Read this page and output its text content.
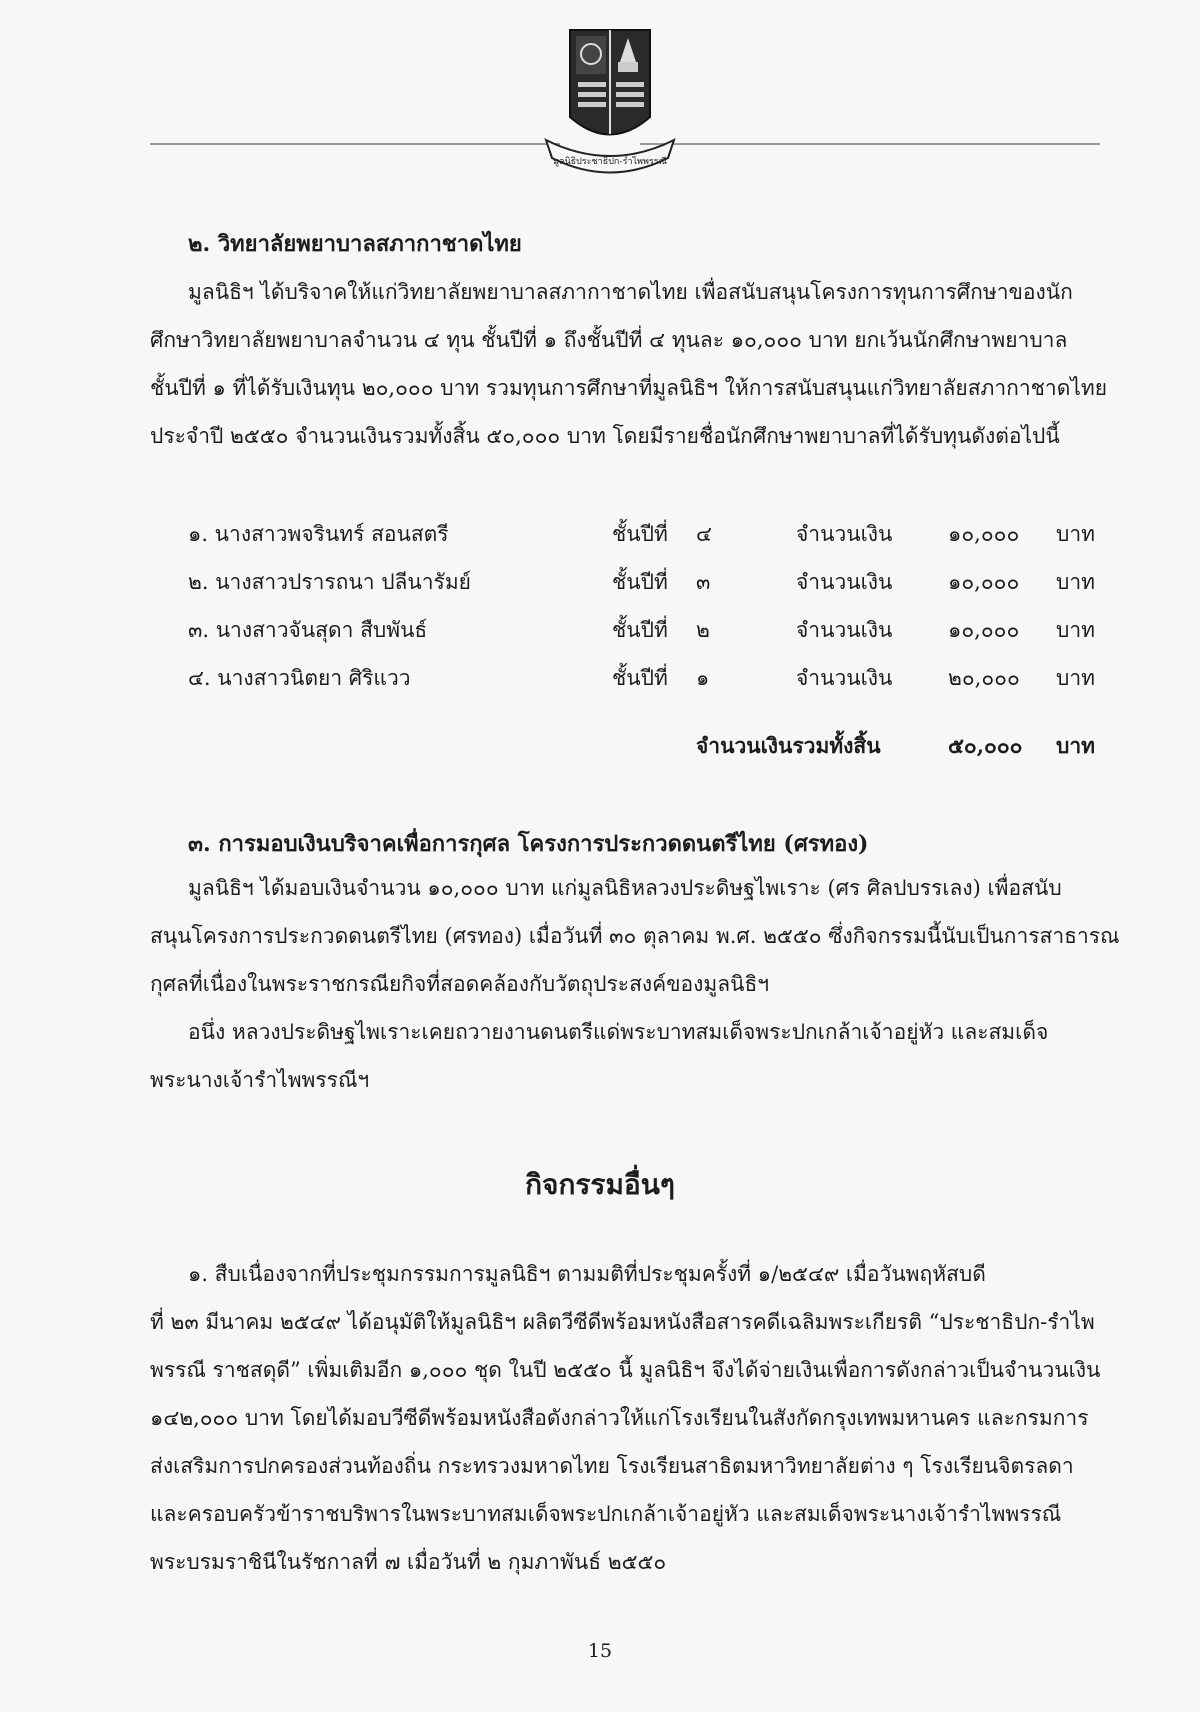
มูลนิธิประชาธิปก-รำไพพรรณี
๒. วิทยาลัยพยาบาลสภากาชาดไทย

มูลนิธิฯ ได้บริจาคให้แก่วิทยาลัยพยาบาลสภากาชาดไทย เพื่อสนับสนุนโครงการทุนการศึกษาของนัก

ศึกษาวิทยาลัยพยาบาลจำนวน ๔ ทุน ชั้นปีที่ ๑ ถึงชั้นปีที่ ๔ ทุนละ ๑๐,๐๐๐ บาท ยกเว้นนักศึกษาพยาบาล
ชั้นปีที่ ๑ ที่ได้รับเงินทุน ๒๐,๐๐๐ บาท รวมทุนการศึกษาที่มูลนิธิฯ ให้การสนับสนุนแก่วิทยาลัยสภากาชาดไทย
ประจำปี ๒๕๕๐ จำนวนเงินรวมทั้งสิ้น ๕๐,๐๐๐ บาท โดยมีรายชื่อนักศึกษาพยาบาลที่ได้รับทุนดังต่อไปนี้

๑. นางสาวพจรินทร์ สอนสตรี	ชั้นปีที่ ๔	จำนวนเงิน	๑๐,๐๐๐ บาท
๒. นางสาวปรารถนา ปลีนารัมย์	ชั้นปีที่ ๓	จำนวนเงิน	๑๐,๐๐๐ บาท
๓. นางสาวจันสุดา สืบพันธ์	ชั้นปีที่ ๒	จำนวนเงิน	๑๐,๐๐๐ บาท
๔. นางสาวนิตยา ศิริแวว	ชั้นปีที่ ๑	จำนวนเงิน	๒๐,๐๐๐ บาท
จำนวนเงินรวมทั้งสิ้น	๕๐,๐๐๐ บาท
๓. การมอบเงินบริจาคเพื่อการกุศล โครงการประกวดดนตรีไทย (ศรทอง)

มูลนิธิฯ ได้มอบเงินจำนวน ๑๐,๐๐๐ บาท แก่มูลนิธิหลวงประดิษฐไพเราะ (ศร ศิลปบรรเลง) เพื่อสนับ

สนุนโครงการประกวดดนตรีไทย (ศรทอง) เมื่อวันที่ ๓๐ ตุลาคม พ.ศ. ๒๕๕๐ ซึ่งกิจกรรมนี้นับเป็นการสาธารณ
กุศลที่เนื่องในพระราชกรณียกิจที่สอดคล้องกับวัตถุประสงค์ของมูลนิธิฯ

อนึ่ง หลวงประดิษฐไพเราะเคยถวายงานดนตรีแด่พระบาทสมเด็จพระปกเกล้าเจ้าอยู่หัว และสมเด็จ

พระนางเจ้ารำไพพรรณีฯ

กิจกรรมอื่นๆ

๑. สืบเนื่องจากที่ประชุมกรรมการมูลนิธิฯ ตามมติที่ประชุมครั้งที่ ๑/๒๕๔๙ เมื่อวันพฤหัสบดี

ที่ ๒๓ มีนาคม ๒๕๔๙ ได้อนุมัติให้มูลนิธิฯ ผลิตวีซีดีพร้อมหนังสือสารคดีเฉลิมพระเกียรติ “ประชาธิปก-รำไพ
พรรณี ราชสดุดี” เพิ่มเติมอีก ๑,๐๐๐ ชุด ในปี ๒๕๕๐ นี้ มูลนิธิฯ จึงได้จ่ายเงินเพื่อการดังกล่าวเป็นจำนวนเงิน
๑๔๒,๐๐๐ บาท โดยได้มอบวีซีดีพร้อมหนังสือดังกล่าวให้แก่โรงเรียนในสังกัดกรุงเทพมหานคร และกรมการ
ส่งเสริมการปกครองส่วนท้องถิ่น กระทรวงมหาดไทย โรงเรียนสาธิตมหาวิทยาลัยต่าง ๆ โรงเรียนจิตรลดา
และครอบครัวข้าราชบริพารในพระบาทสมเด็จพระปกเกล้าเจ้าอยู่หัว และสมเด็จพระนางเจ้ารำไพพรรณี
พระบรมราชินีในรัชกาลที่ ๗ เมื่อวันที่ ๒ กุมภาพันธ์ ๒๕๕๐

15
